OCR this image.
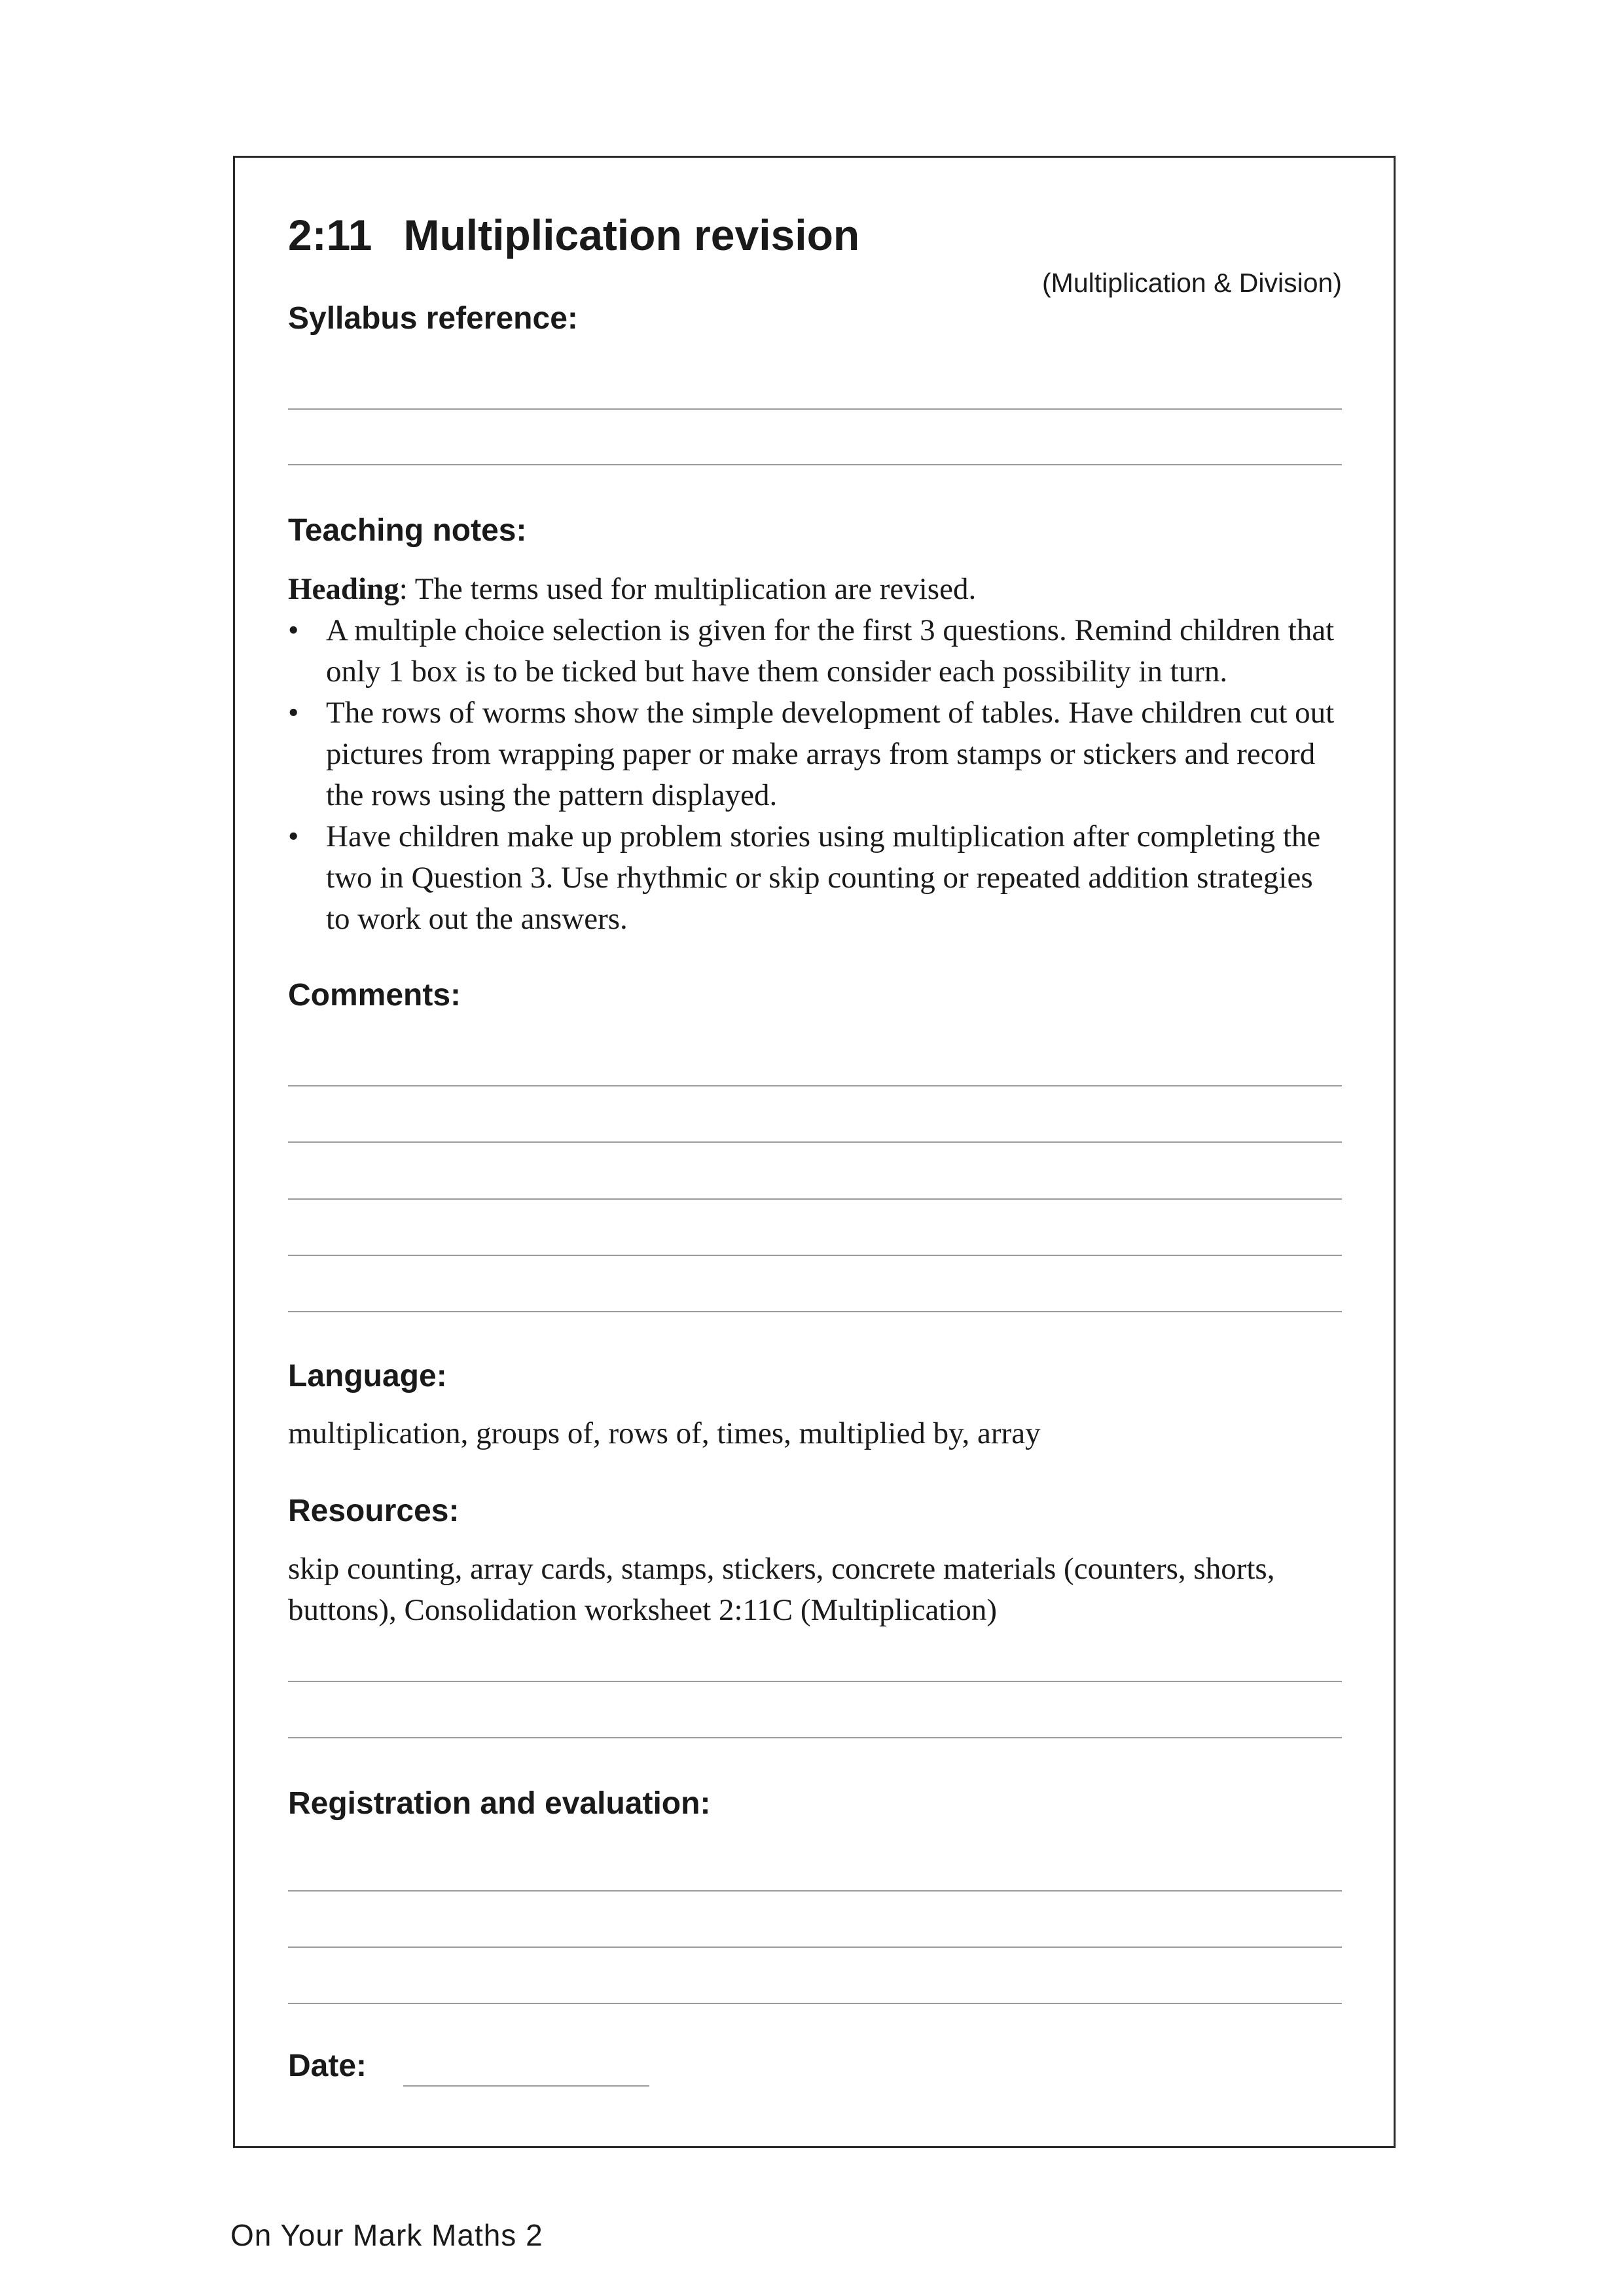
2:11 Multiplication revision
(Multiplication & Division)
Syllabus reference:
Teaching notes:

Heading: The terms used for multiplication are revised.

• A multiple choice selection is given for the first 3 questions. Remind children that only 1 box is to be ticked but have them consider each possibility in turn.
• The rows of worms show the simple development of tables. Have children cut out pictures from wrapping paper or make arrays from stamps or stickers and record the rows using the pattern displayed.
• Have children make up problem stories using multiplication after completing the two in Question 3. Use rhythmic or skip counting or repeated addition strategies to work out the answers.
Comments:
Language:
multiplication, groups of, rows of, times, multiplied by, array
Resources:
skip counting, array cards, stamps, stickers, concrete materials (counters, shorts, buttons), Consolidation worksheet 2:11C (Multiplication)
Registration and evaluation:
Date:
On Your Mark Maths 2
